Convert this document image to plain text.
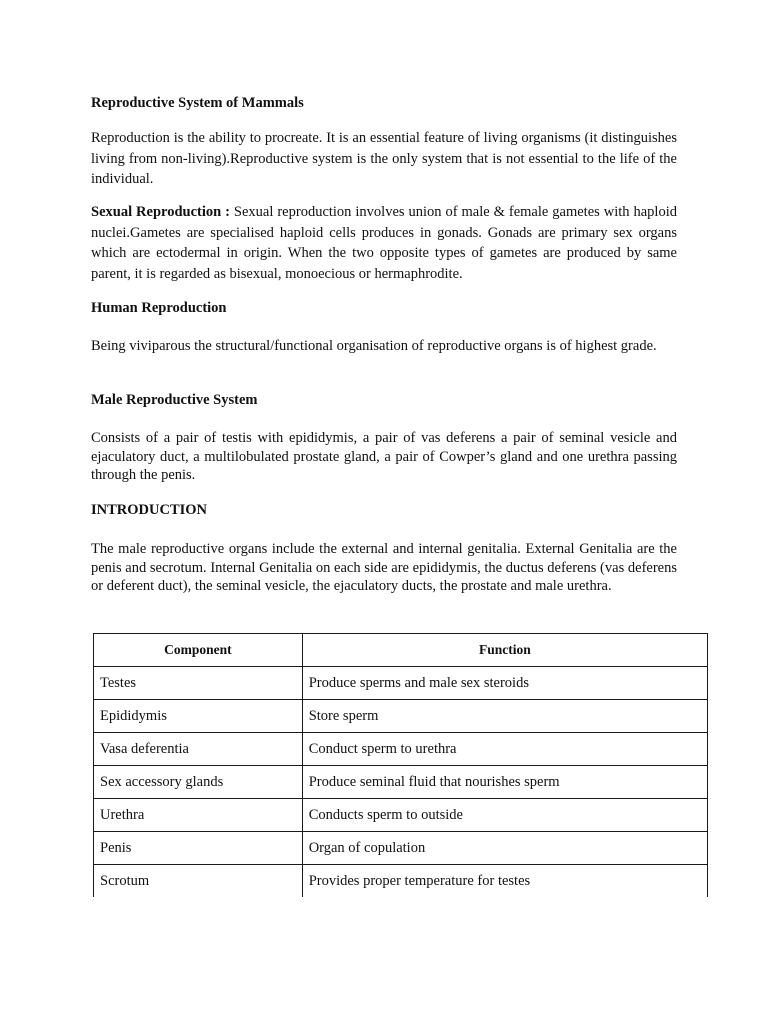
Reproductive System of Mammals

Reproduction is the ability to procreate. It is an essential feature of living organisms (it distinguishes living from non-living).Reproductive system is the only system that is not essential to the life of the individual.

Sexual Reproduction : Sexual reproduction involves union of male & female gametes with haploid nuclei.Gametes are specialised haploid cells produces in gonads. Gonads are primary sex organs which are ectodermal in origin. When the two opposite types of gametes are produced by same parent, it is regarded as bisexual, monoecious or hermaphrodite.

Human Reproduction

Being viviparous the structural/functional organisation of reproductive organs is of highest grade.

Male Reproductive System

Consists of a pair of testis with epididymis, a pair of vas deferens a pair of seminal vesicle and ejaculatory duct, a multilobulated prostate gland, a pair of Cowper’s gland and one urethra passing through the penis.

INTRODUCTION

The male reproductive organs include the external and internal genitalia. External Genitalia are the penis and secrotum. Internal Genitalia on each side are epididymis, the ductus deferens (vas deferens or deferent duct), the seminal vesicle, the ejaculatory ducts, the prostate and male urethra.

Component	Function
Testes	Produce sperms and male sex steroids
Epididymis	Store sperm
Vasa deferentia	Conduct sperm to urethra
Sex accessory glands	Produce seminal fluid that nourishes sperm
Urethra	Conducts sperm to outside
Penis	Organ of copulation
Scrotum	Provides proper temperature for testes
